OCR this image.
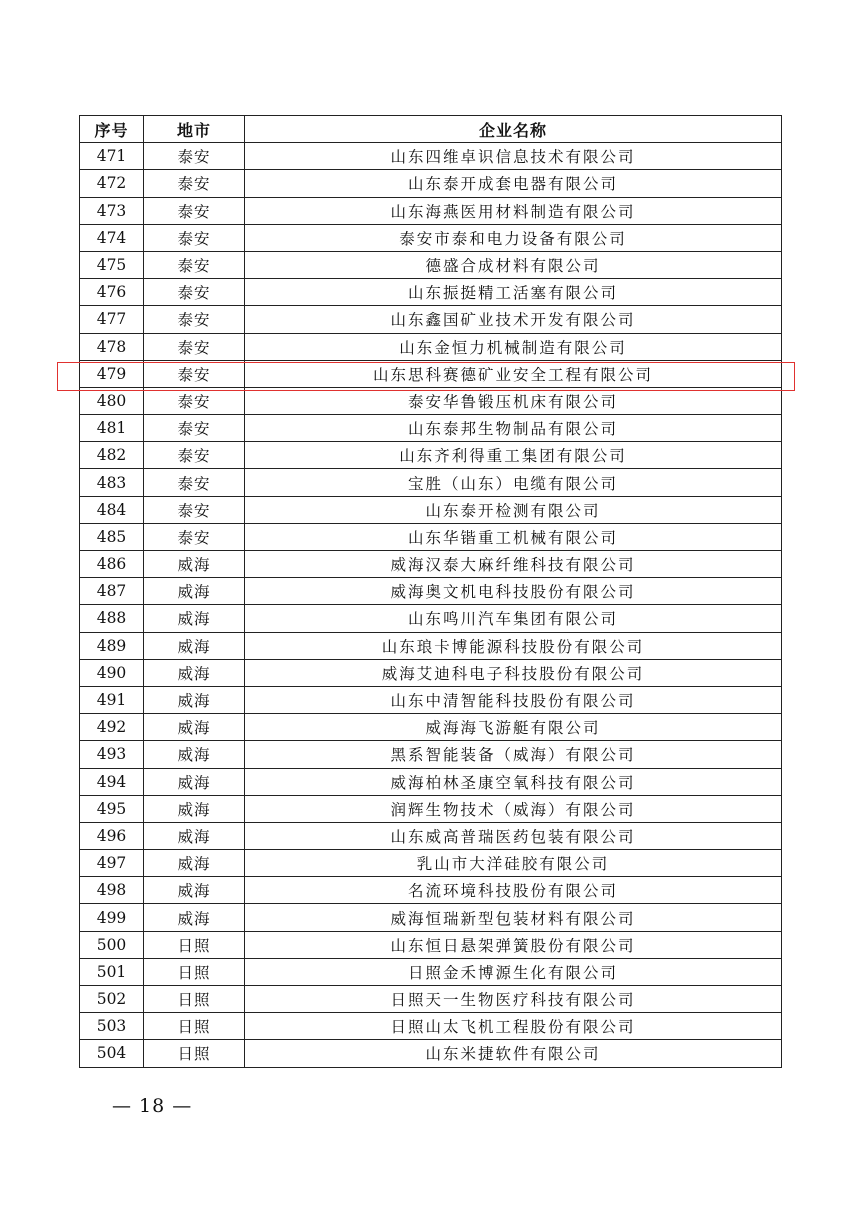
序号	地市	企业名称
471	泰安	山东四维卓识信息技术有限公司
472	泰安	山东泰开成套电器有限公司
473	泰安	山东海燕医用材料制造有限公司
474	泰安	泰安市泰和电力设备有限公司
475	泰安	德盛合成材料有限公司
476	泰安	山东振挺精工活塞有限公司
477	泰安	山东鑫国矿业技术开发有限公司
478	泰安	山东金恒力机械制造有限公司
479	泰安	山东思科赛德矿业安全工程有限公司
480	泰安	泰安华鲁锻压机床有限公司
481	泰安	山东泰邦生物制品有限公司
482	泰安	山东齐利得重工集团有限公司
483	泰安	宝胜（山东）电缆有限公司
484	泰安	山东泰开检测有限公司
485	泰安	山东华锴重工机械有限公司
486	威海	威海汉泰大麻纤维科技有限公司
487	威海	威海奥文机电科技股份有限公司
488	威海	山东鸣川汽车集团有限公司
489	威海	山东琅卡博能源科技股份有限公司
490	威海	威海艾迪科电子科技股份有限公司
491	威海	山东中清智能科技股份有限公司
492	威海	威海海飞游艇有限公司
493	威海	黑系智能装备（威海）有限公司
494	威海	威海柏林圣康空氧科技有限公司
495	威海	润辉生物技术（威海）有限公司
496	威海	山东威高普瑞医药包装有限公司
497	威海	乳山市大洋硅胶有限公司
498	威海	名流环境科技股份有限公司
499	威海	威海恒瑞新型包装材料有限公司
500	日照	山东恒日悬架弹簧股份有限公司
501	日照	日照金禾博源生化有限公司
502	日照	日照天一生物医疗科技有限公司
503	日照	日照山太飞机工程股份有限公司
504	日照	山东米捷软件有限公司
— 18 —
